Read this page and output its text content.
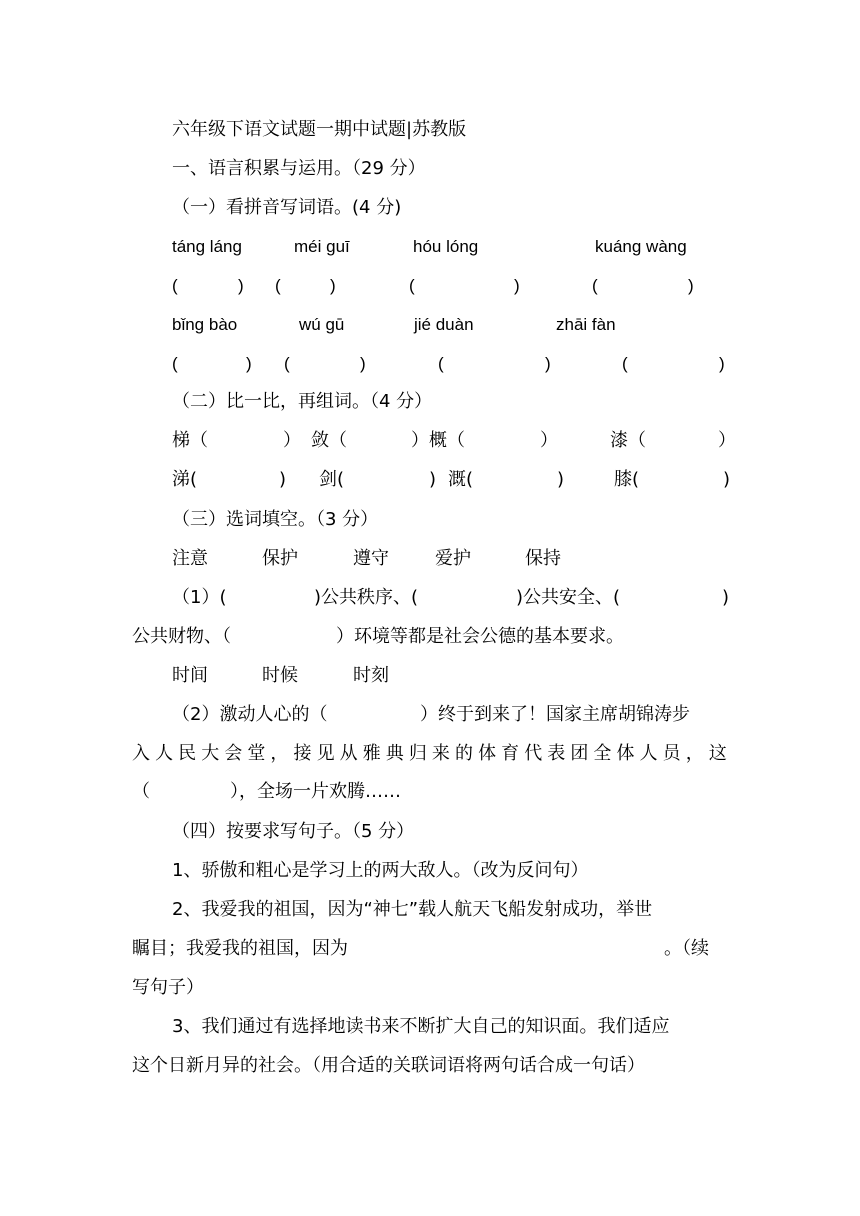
六年级下语文试题一期中试题|苏教版
一、语言积累与运用。（29 分）
（一）看拼音写词语。(4 分)
táng láng	méi guī	hóu lóng	kuáng wàng
(	) (	)	(	)	(	)
bǐng bào	wú gū	jié duàn	zhāi fàn
(	) (	)	(	)	(	)
（二）比一比，再组词。（4 分）
梯（	） 敛（	）概（	）	漆（	）
涕(	) 剑(	) 溉(	)	膝(	)
（三）选词填空。（3 分）
注意	保护	遵守	爱护	保持
（1）(	)公共秩序、(	)公共安全、(	)
公共财物、（	）环境等都是社会公德的基本要求。
时间	时候	时刻
（2）激动人心的（	）终于到来了！国家主席胡锦涛步
入人民大会堂，接见从雅典归来的体育代表团全体人员，这
（	），全场一片欢腾……
（四）按要求写句子。（5 分）
1、骄傲和粗心是学习上的两大敌人。（改为反问句）
2、我爱我的祖国，因为“神七”载人航天飞船发射成功，举世
瞩目；我爱我的祖国，因为	。（续
写句子）
3、我们通过有选择地读书来不断扩大自己的知识面。我们适应
这个日新月异的社会。（用合适的关联词语将两句话合成一句话）
